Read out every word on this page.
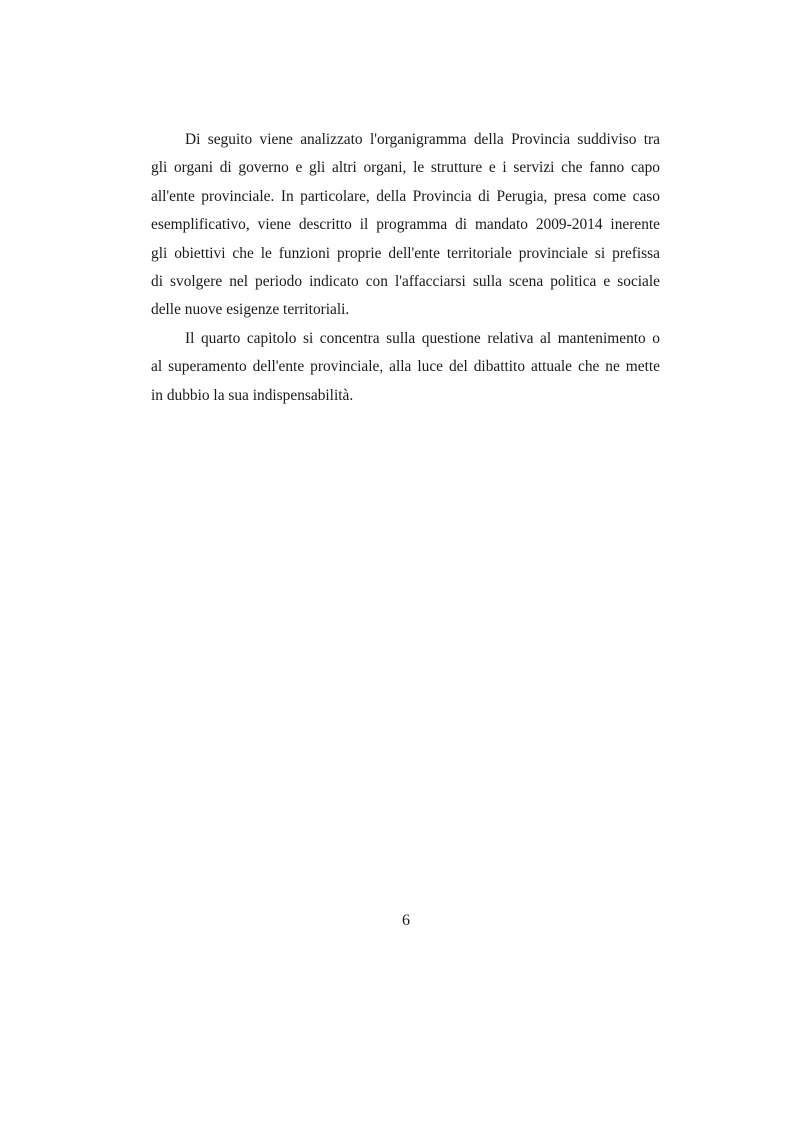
Di seguito viene analizzato l'organigramma della Provincia suddiviso tra
gli organi di governo e gli altri organi, le strutture e i servizi che fanno capo
all'ente provinciale. In particolare, della Provincia di Perugia, presa come caso
esemplificativo, viene descritto il programma di mandato 2009-2014 inerente
gli obiettivi che le funzioni proprie dell'ente territoriale provinciale si prefissa
di svolgere nel periodo indicato con l'affacciarsi sulla scena politica e sociale
delle nuove esigenze territoriali.
Il quarto capitolo si concentra sulla questione relativa al mantenimento o
al superamento dell'ente provinciale, alla luce del dibattito attuale che ne mette
in dubbio la sua indispensabilità.
6
